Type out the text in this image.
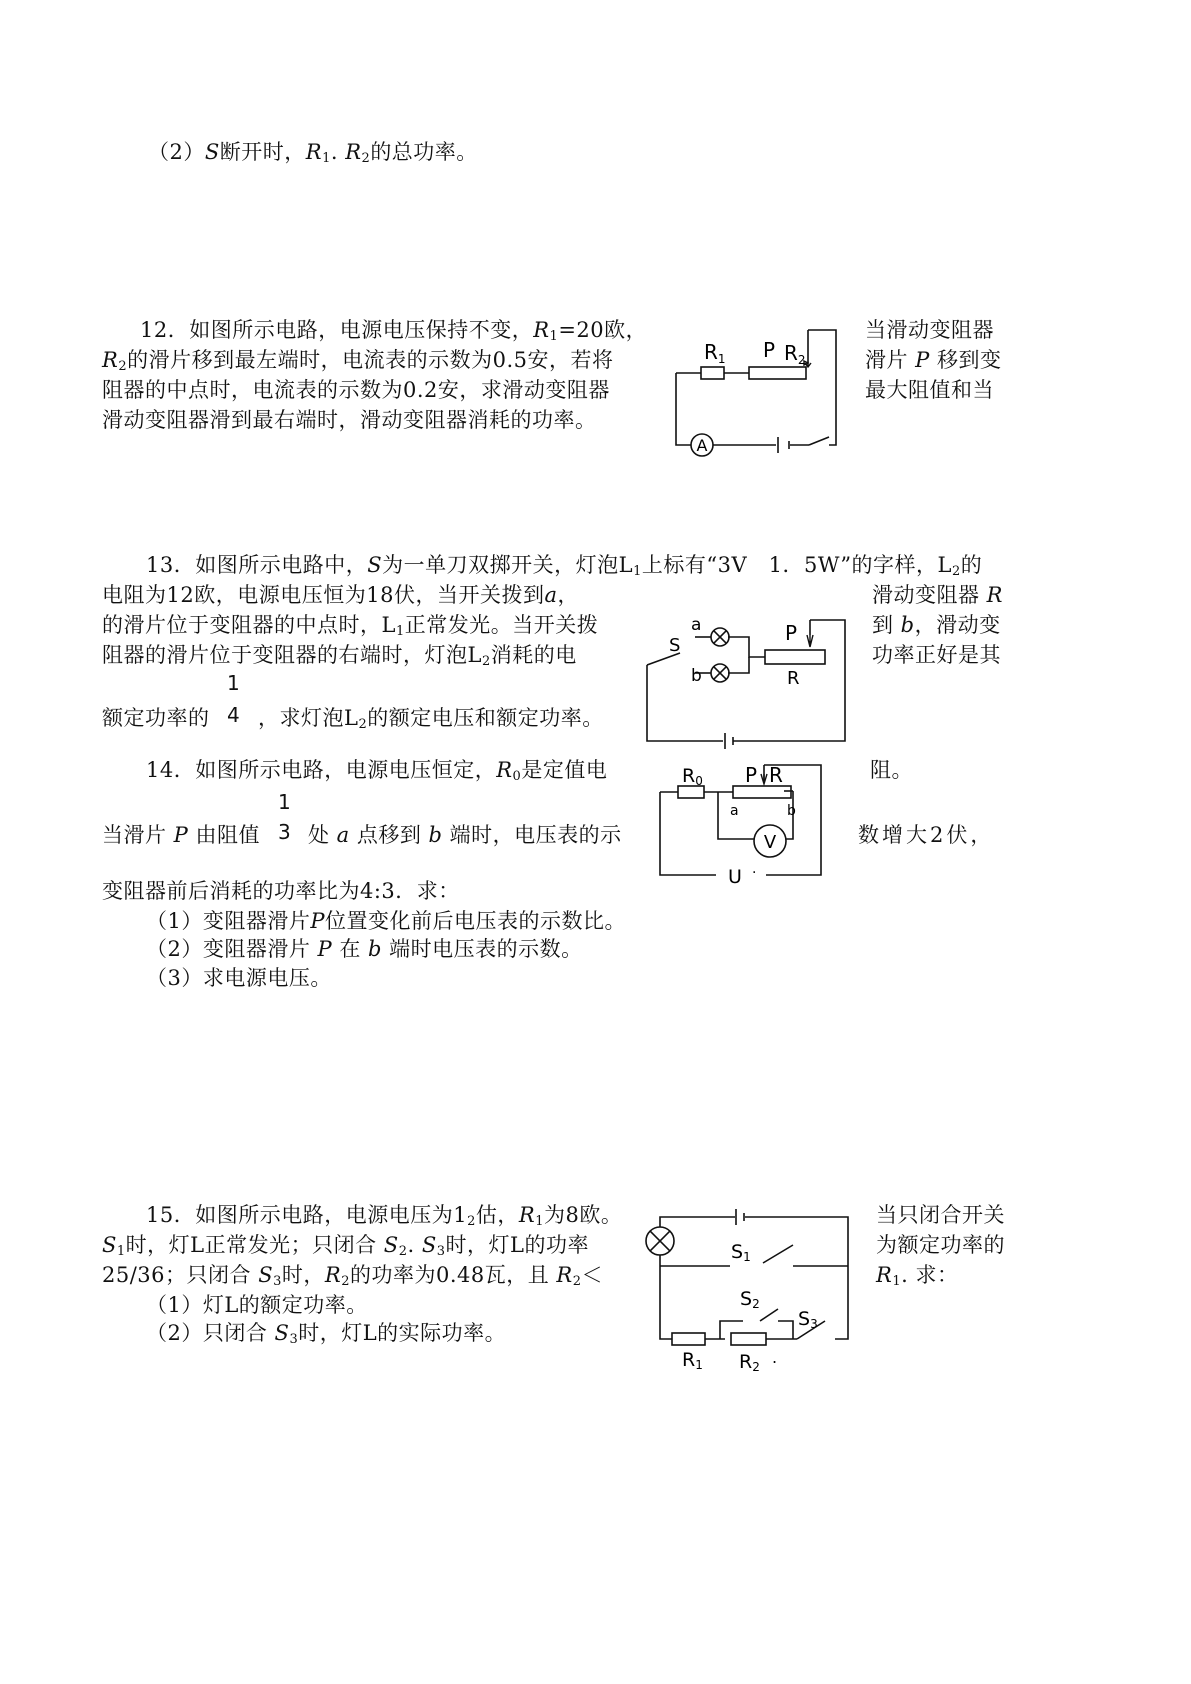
（2）S断开时，$R_1$. $R_2$的总功率。
12．如图所示电路，电源电压保持不变，$R_1=20$欧，	当滑动变阻器
$R_2$的滑片移到最左端时，电流表的示数为0.5安，若将	滑片 P 移到变
阻器的中点时，电流表的示数为0.2安，求滑动变阻器	最大阻值和当
滑动变阻器滑到最右端时，滑动变阻器消耗的功率。
A
$R_1$ P $R_2$
13．如图所示电路中，S为一单刀双掷开关，灯泡$L_1$上标有“3V　1．5W”的字样，$L_2$的
电阻为12欧，电源电压恒为18伏，当开关拨到a，	滑动变阻器 R
的滑片位于变阻器的中点时，$L_1$正常发光。当开关拨	到 b，滑动变
阻器的滑片位于变阻器的右端时，灯泡$L_2$消耗的电	功率正好是其
1
4
额定功率的 ，求灯泡$L_2$的额定电压和额定功率。
a
b
S
P
R
14．如图所示电路，电源电压恒定，$R_0$是定值电	阻。
1
3
当滑片 P 由阻值 处 a 点移到 b 端时，电压表的示	数增大2伏，
变阻器前后消耗的功率比为4:3．求：
（1）变阻器滑片P位置变化前后电压表的示数比。
（2）变阻器滑片 P 在 b 端时电压表的示数。
（3）求电源电压。
V
R0 P R
a	b
U ·
15．如图所示电路，电源电压为$1_2$估，$R_1$为8欧。	当只闭合开关
$S_1$时，灯L正常发光；只闭合 $S_2$. $S_3$时，灯L的功率	为额定功率的
25/36；只闭合 $S_3$时，$R_2$的功率为0.48瓦，且 $R_2<$	$R_1$. 求：
（1）灯L的额定功率。
（2）只闭合 $S_3$时，灯L的实际功率。
S1
S2
S3
R1 R2 .
